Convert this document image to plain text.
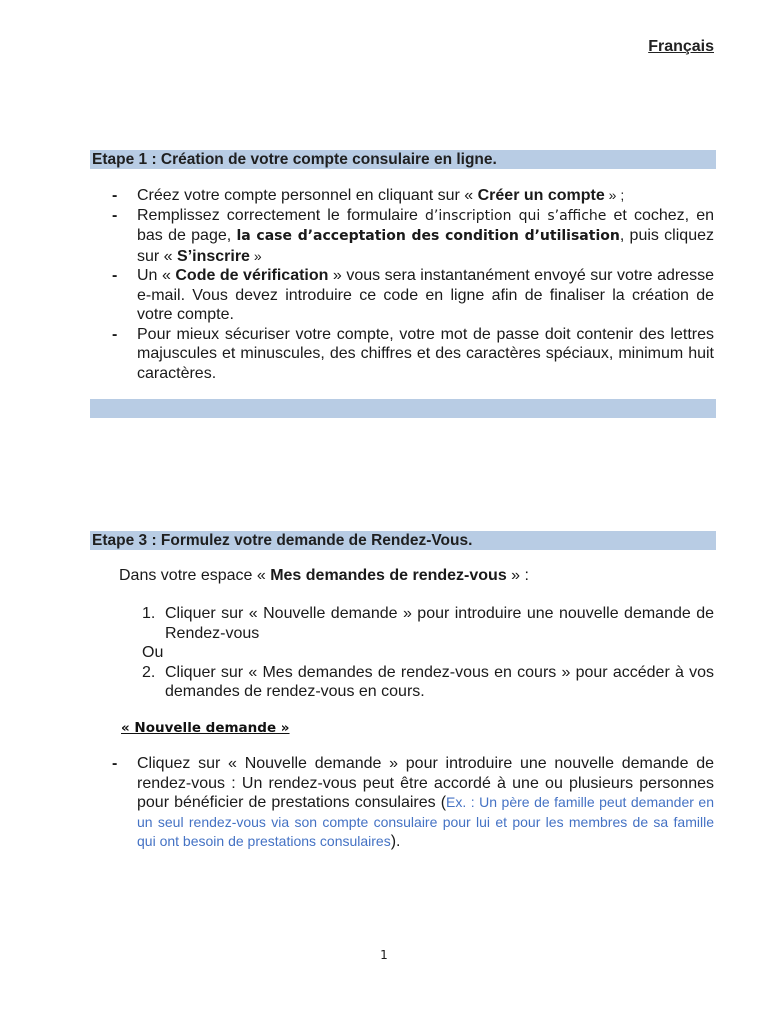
Français
Etape 1 : Création de votre compte consulaire en ligne.
- Créez votre compte personnel en cliquant sur « Créer un compte » ;
- Remplissez correctement le formulaire d’inscription qui s’affiche et cochez, en bas de page, la case d’acceptation des condition d’utilisation, puis cliquez sur « S’inscrire »
- Un « Code de vérification » vous sera instantanément envoyé sur votre adresse e-mail. Vous devez introduire ce code en ligne afin de finaliser la création de votre compte.
- Pour mieux sécuriser votre compte, votre mot de passe doit contenir des lettres majuscules et minuscules, des chiffres et des caractères spéciaux, minimum huit caractères.
Etape 3 : Formulez votre demande de Rendez-Vous.
Dans votre espace « Mes demandes de rendez-vous » :
1. Cliquer sur « Nouvelle demande » pour introduire une nouvelle demande de Rendez-vous
Ou
2. Cliquer sur « Mes demandes de rendez-vous en cours » pour accéder à vos demandes de rendez-vous en cours.
« Nouvelle demande »
- Cliquez sur « Nouvelle demande » pour introduire une nouvelle demande de rendez-vous : Un rendez-vous peut être accordé à une ou plusieurs personnes pour bénéficier de prestations consulaires (Ex. : Un père de famille peut demander en un seul rendez-vous via son compte consulaire pour lui et pour les membres de sa famille qui ont besoin de prestations consulaires).
1
